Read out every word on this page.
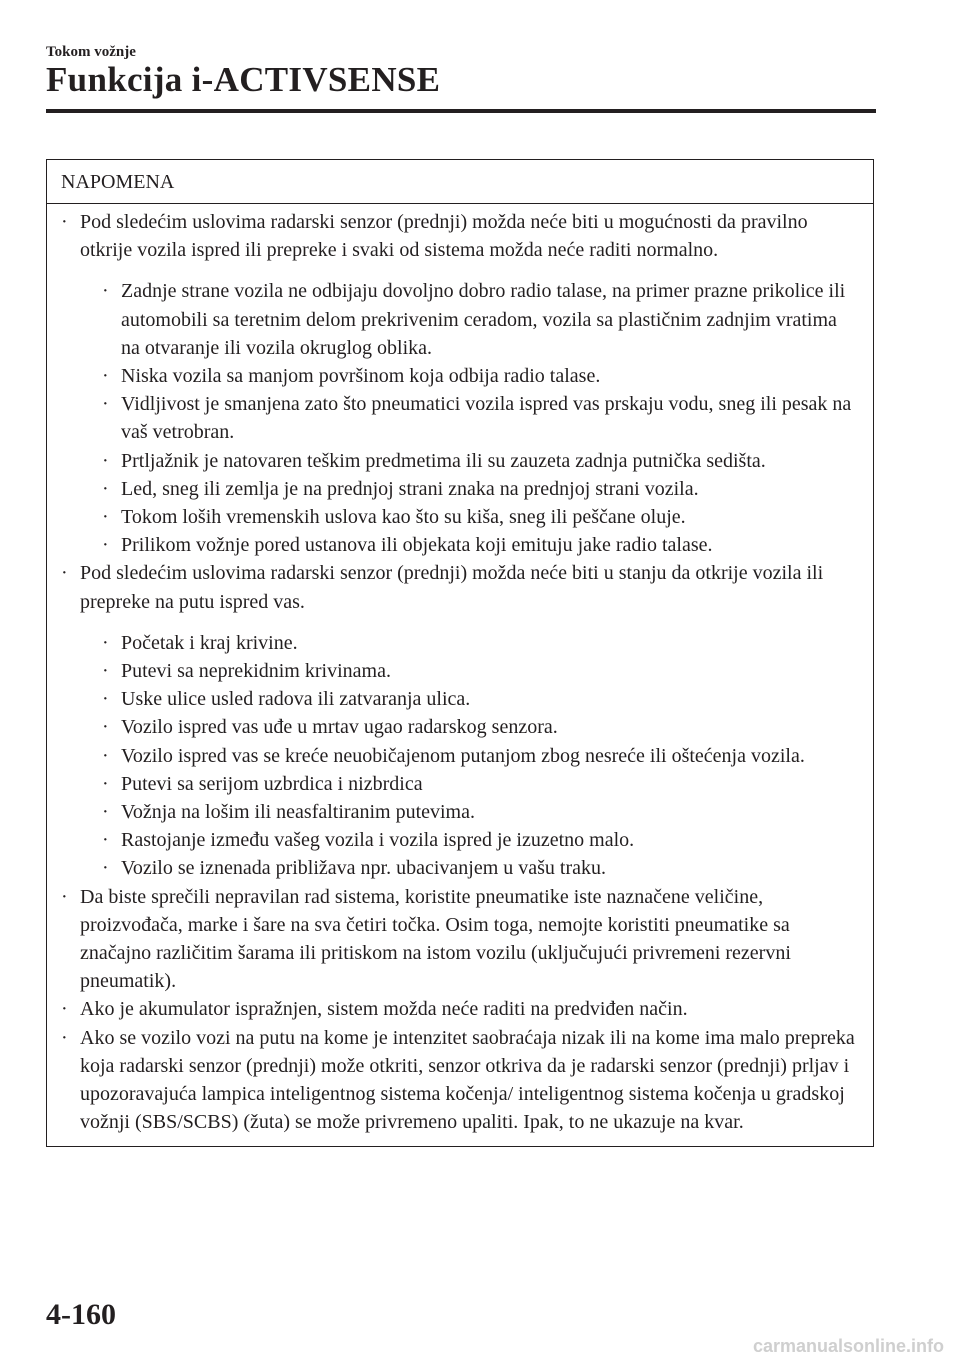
Tokom vožnje
Funkcija i-ACTIVSENSE
NAPOMENA
· Pod sledećim uslovima radarski senzor (prednji) možda neće biti u mogućnosti da pravilno otkrije vozila ispred ili prepreke i svaki od sistema možda neće raditi normalno.
· Zadnje strane vozila ne odbijaju dovoljno dobro radio talase, na primer prazne prikolice ili automobili sa teretnim delom prekrivenim ceradom, vozila sa plastičnim zadnjim vratima na otvaranje ili vozila okruglog oblika.
· Niska vozila sa manjom površinom koja odbija radio talase.
· Vidljivost je smanjena zato što pneumatici vozila ispred vas prskaju vodu, sneg ili pesak na vaš vetrobran.
· Prtljažnik je natovaren teškim predmetima ili su zauzeta zadnja putnička sedišta.
· Led, sneg ili zemlja je na prednjoj strani znaka na prednjoj strani vozila.
· Tokom loših vremenskih uslova kao što su kiša, sneg ili peščane oluje.
· Prilikom vožnje pored ustanova ili objekata koji emituju jake radio talase.
· Pod sledećim uslovima radarski senzor (prednji) možda neće biti u stanju da otkrije vozila ili prepreke na putu ispred vas.
· Početak i kraj krivine.
· Putevi sa neprekidnim krivinama.
· Uske ulice usled radova ili zatvaranja ulica.
· Vozilo ispred vas uđe u mrtav ugao radarskog senzora.
· Vozilo ispred vas se kreće neuobičajenom putanjom zbog nesreće ili oštećenja vozila.
· Putevi sa serijom uzbrdica i nizbrdica
· Vožnja na lošim ili neasfaltiranim putevima.
· Rastojanje između vašeg vozila i vozila ispred je izuzetno malo.
· Vozilo se iznenada približava npr. ubacivanjem u vašu traku.
· Da biste sprečili nepravilan rad sistema, koristite pneumatike iste naznačene veličine, proizvođača, marke i šare na sva četiri točka. Osim toga, nemojte koristiti pneumatike sa značajno različitim šarama ili pritiskom na istom vozilu (uključujući privremeni rezervni pneumatik).
· Ako je akumulator ispražnjen, sistem možda neće raditi na predviđen način.
· Ako se vozilo vozi na putu na kome je intenzitet saobraćaja nizak ili na kome ima malo prepreka koja radarski senzor (prednji) može otkriti, senzor otkriva da je radarski senzor (prednji) prljav i upozoravajuća lampica inteligentnog sistema kočenja/ inteligentnog sistema kočenja u gradskoj vožnji (SBS/SCBS) (žuta) se može privremeno upaliti. Ipak, to ne ukazuje na kvar.
4-160
carmanualsonline.info
